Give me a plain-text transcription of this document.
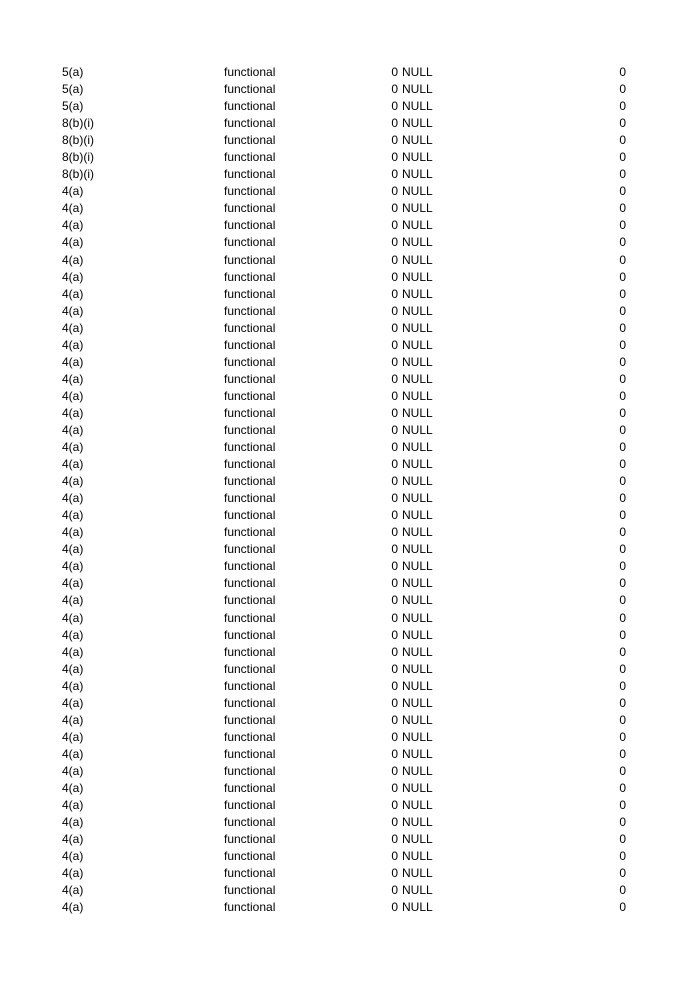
5(a)	functional	0 NULL	0
5(a)	functional	0 NULL	0
5(a)	functional	0 NULL	0
8(b)(i)	functional	0 NULL	0
8(b)(i)	functional	0 NULL	0
8(b)(i)	functional	0 NULL	0
8(b)(i)	functional	0 NULL	0
4(a)	functional	0 NULL	0
4(a)	functional	0 NULL	0
4(a)	functional	0 NULL	0
4(a)	functional	0 NULL	0
4(a)	functional	0 NULL	0
4(a)	functional	0 NULL	0
4(a)	functional	0 NULL	0
4(a)	functional	0 NULL	0
4(a)	functional	0 NULL	0
4(a)	functional	0 NULL	0
4(a)	functional	0 NULL	0
4(a)	functional	0 NULL	0
4(a)	functional	0 NULL	0
4(a)	functional	0 NULL	0
4(a)	functional	0 NULL	0
4(a)	functional	0 NULL	0
4(a)	functional	0 NULL	0
4(a)	functional	0 NULL	0
4(a)	functional	0 NULL	0
4(a)	functional	0 NULL	0
4(a)	functional	0 NULL	0
4(a)	functional	0 NULL	0
4(a)	functional	0 NULL	0
4(a)	functional	0 NULL	0
4(a)	functional	0 NULL	0
4(a)	functional	0 NULL	0
4(a)	functional	0 NULL	0
4(a)	functional	0 NULL	0
4(a)	functional	0 NULL	0
4(a)	functional	0 NULL	0
4(a)	functional	0 NULL	0
4(a)	functional	0 NULL	0
4(a)	functional	0 NULL	0
4(a)	functional	0 NULL	0
4(a)	functional	0 NULL	0
4(a)	functional	0 NULL	0
4(a)	functional	0 NULL	0
4(a)	functional	0 NULL	0
4(a)	functional	0 NULL	0
4(a)	functional	0 NULL	0
4(a)	functional	0 NULL	0
4(a)	functional	0 NULL	0
4(a)	functional	0 NULL	0
